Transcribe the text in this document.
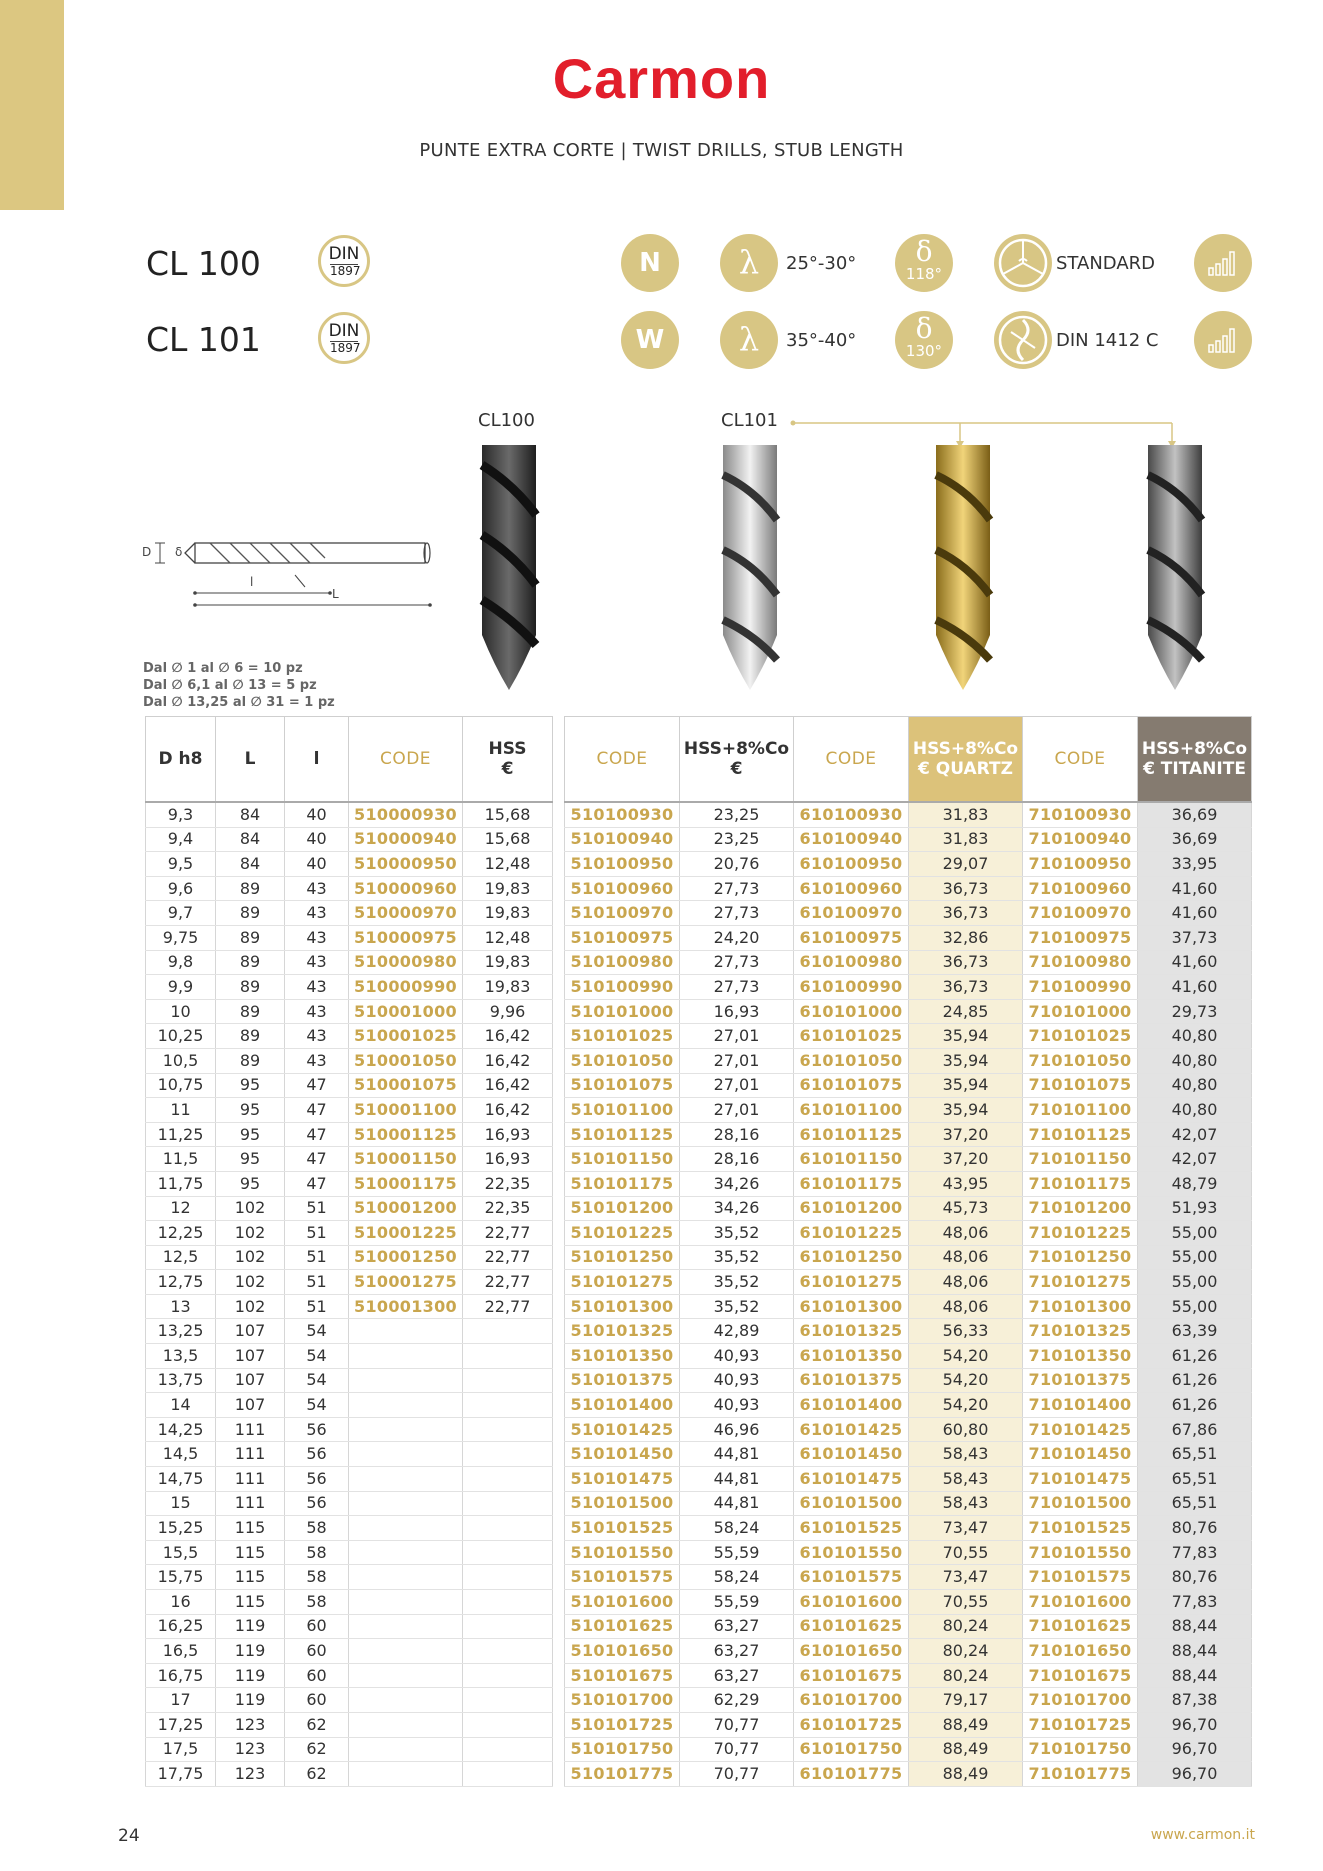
Carmon
PUNTE EXTRA CORTE | TWIST DRILLS, STUB LENGTH
CL 100	DIN
1897	N	λ	25°-30°	δ
118°	STANDARD
CL 101	DIN
1897	W	λ	35°-40°	δ
130°	DIN 1412 C
CL100	CL101
D δ
l
L
Dal ∅ 1 al ∅ 6 = 10 pz
Dal ∅ 6,1 al ∅ 13 = 5 pz
Dal ∅ 13,25 al ∅ 31 = 1 pz
D h8	L	l	CODE	HSS
€
9,3	84	40	510000930	15,68
9,4	84	40	510000940	15,68
9,5	84	40	510000950	12,48
9,6	89	43	510000960	19,83
9,7	89	43	510000970	19,83
9,75	89	43	510000975	12,48
9,8	89	43	510000980	19,83
9,9	89	43	510000990	19,83
10	89	43	510001000	9,96
10,25	89	43	510001025	16,42
10,5	89	43	510001050	16,42
10,75	95	47	510001075	16,42
11	95	47	510001100	16,42
11,25	95	47	510001125	16,93
11,5	95	47	510001150	16,93
11,75	95	47	510001175	22,35
12	102	51	510001200	22,35
12,25	102	51	510001225	22,77
12,5	102	51	510001250	22,77
12,75	102	51	510001275	22,77
13	102	51	510001300	22,77
13,25	107	54		
13,5	107	54		
13,75	107	54		
14	107	54		
14,25	111	56		
14,5	111	56		
14,75	111	56		
15	111	56		
15,25	115	58		
15,5	115	58		
15,75	115	58		
16	115	58		
16,25	119	60		
16,5	119	60		
16,75	119	60		
17	119	60		
17,25	123	62		
17,5	123	62		
17,75	123	62		
CODE	HSS+8%Co
€	CODE	HSS+8%Co
€ QUARTZ	CODE	HSS+8%Co
€ TITANITE
510100930	23,25	610100930	31,83	710100930	36,69
510100940	23,25	610100940	31,83	710100940	36,69
510100950	20,76	610100950	29,07	710100950	33,95
510100960	27,73	610100960	36,73	710100960	41,60
510100970	27,73	610100970	36,73	710100970	41,60
510100975	24,20	610100975	32,86	710100975	37,73
510100980	27,73	610100980	36,73	710100980	41,60
510100990	27,73	610100990	36,73	710100990	41,60
510101000	16,93	610101000	24,85	710101000	29,73
510101025	27,01	610101025	35,94	710101025	40,80
510101050	27,01	610101050	35,94	710101050	40,80
510101075	27,01	610101075	35,94	710101075	40,80
510101100	27,01	610101100	35,94	710101100	40,80
510101125	28,16	610101125	37,20	710101125	42,07
510101150	28,16	610101150	37,20	710101150	42,07
510101175	34,26	610101175	43,95	710101175	48,79
510101200	34,26	610101200	45,73	710101200	51,93
510101225	35,52	610101225	48,06	710101225	55,00
510101250	35,52	610101250	48,06	710101250	55,00
510101275	35,52	610101275	48,06	710101275	55,00
510101300	35,52	610101300	48,06	710101300	55,00
510101325	42,89	610101325	56,33	710101325	63,39
510101350	40,93	610101350	54,20	710101350	61,26
510101375	40,93	610101375	54,20	710101375	61,26
510101400	40,93	610101400	54,20	710101400	61,26
510101425	46,96	610101425	60,80	710101425	67,86
510101450	44,81	610101450	58,43	710101450	65,51
510101475	44,81	610101475	58,43	710101475	65,51
510101500	44,81	610101500	58,43	710101500	65,51
510101525	58,24	610101525	73,47	710101525	80,76
510101550	55,59	610101550	70,55	710101550	77,83
510101575	58,24	610101575	73,47	710101575	80,76
510101600	55,59	610101600	70,55	710101600	77,83
510101625	63,27	610101625	80,24	710101625	88,44
510101650	63,27	610101650	80,24	710101650	88,44
510101675	63,27	610101675	80,24	710101675	88,44
510101700	62,29	610101700	79,17	710101700	87,38
510101725	70,77	610101725	88,49	710101725	96,70
510101750	70,77	610101750	88,49	710101750	96,70
510101775	70,77	610101775	88,49	710101775	96,70
24	www.carmon.it
